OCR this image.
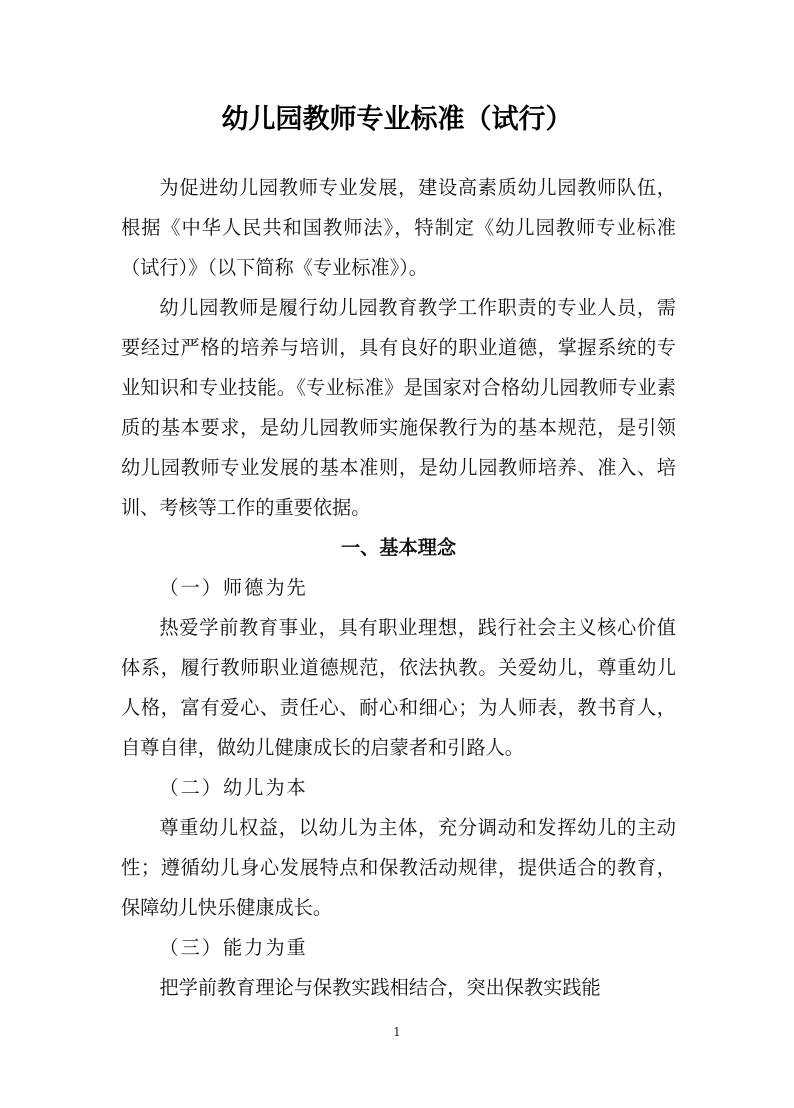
幼儿园教师专业标准（试行）

为促进幼儿园教师专业发展，建设高素质幼儿园教师队伍，根据《中华人民共和国教师法》，特制定《幼儿园教师专业标准（试行）》（以下简称《专业标准》）。

幼儿园教师是履行幼儿园教育教学工作职责的专业人员，需要经过严格的培养与培训，具有良好的职业道德，掌握系统的专业知识和专业技能。《专业标准》是国家对合格幼儿园教师专业素质的基本要求，是幼儿园教师实施保教行为的基本规范，是引领幼儿园教师专业发展的基本准则，是幼儿园教师培养、准入、培训、考核等工作的重要依据。

一、基本理念

（一）师德为先

热爱学前教育事业，具有职业理想，践行社会主义核心价值体系，履行教师职业道德规范，依法执教。关爱幼儿，尊重幼儿人格，富有爱心、责任心、耐心和细心；为人师表，教书育人，自尊自律，做幼儿健康成长的启蒙者和引路人。

（二）幼儿为本

尊重幼儿权益，以幼儿为主体，充分调动和发挥幼儿的主动性；遵循幼儿身心发展特点和保教活动规律，提供适合的教育，保障幼儿快乐健康成长。

（三）能力为重

把学前教育理论与保教实践相结合，突出保教实践能

1
